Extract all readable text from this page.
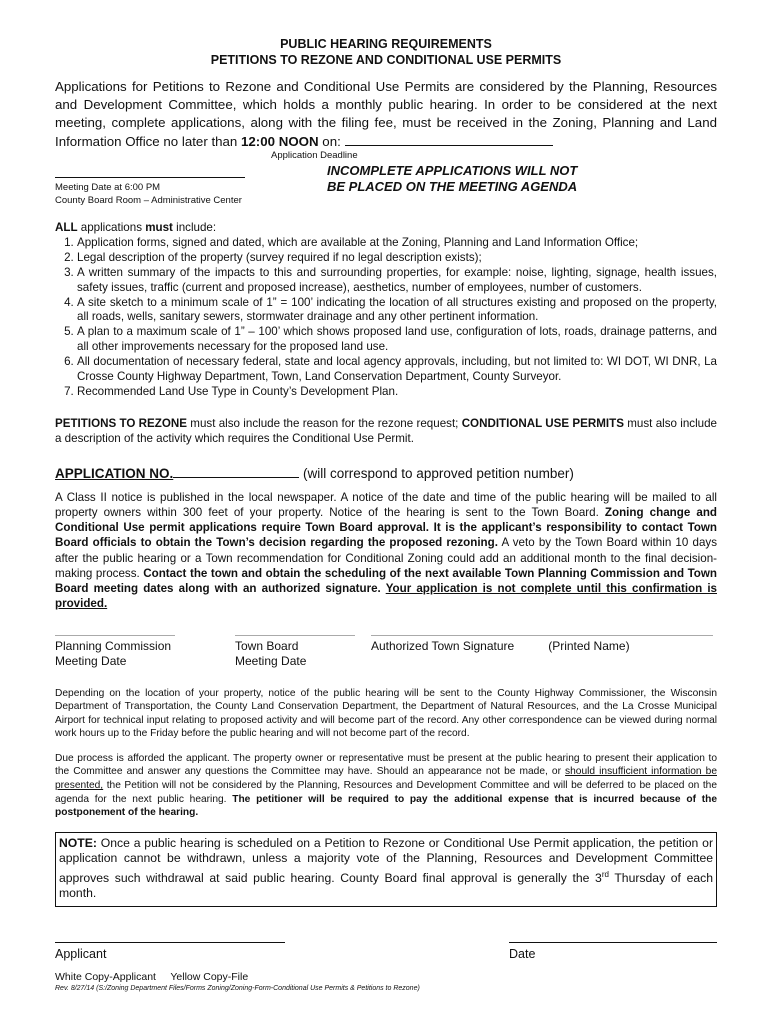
PUBLIC HEARING REQUIREMENTS
PETITIONS TO REZONE AND CONDITIONAL USE PERMITS
Applications for Petitions to Rezone and Conditional Use Permits are considered by the Planning, Resources and Development Committee, which holds a monthly public hearing. In order to be considered at the next meeting, complete applications, along with the filing fee, must be received in the Zoning, Planning and Land Information Office no later than 12:00 NOON on:
Application Deadline
Meeting Date at 6:00 PM
County Board Room – Administrative Center
INCOMPLETE APPLICATIONS WILL NOT
BE PLACED ON THE MEETING AGENDA
ALL applications must include:
1. Application forms, signed and dated, which are available at the Zoning, Planning and Land Information Office;
2. Legal description of the property (survey required if no legal description exists);
3. A written summary of the impacts to this and surrounding properties, for example: noise, lighting, signage, health issues, safety issues, traffic (current and proposed increase), aesthetics, number of employees, number of customers.
4. A site sketch to a minimum scale of 1” = 100’ indicating the location of all structures existing and proposed on the property, all roads, wells, sanitary sewers, stormwater drainage and any other pertinent information.
5. A plan to a maximum scale of 1” – 100’ which shows proposed land use, configuration of lots, roads, drainage patterns, and all other improvements necessary for the proposed land use.
6. All documentation of necessary federal, state and local agency approvals, including, but not limited to: WI DOT, WI DNR, La Crosse County Highway Department, Town, Land Conservation Department, County Surveyor.
7. Recommended Land Use Type in County’s Development Plan.
PETITIONS TO REZONE must also include the reason for the rezone request; CONDITIONAL USE PERMITS must also include a description of the activity which requires the Conditional Use Permit.
APPLICATION NO.	(will correspond to approved petition number)
A Class II notice is published in the local newspaper. A notice of the date and time of the public hearing will be mailed to all property owners within 300 feet of your property. Notice of the hearing is sent to the Town Board. Zoning change and Conditional Use permit applications require Town Board approval. It is the applicant’s responsibility to contact Town Board officials to obtain the Town’s decision regarding the proposed rezoning. A veto by the Town Board within 10 days after the public hearing or a Town recommendation for Conditional Zoning could add an additional month to the final decision-making process. Contact the town and obtain the scheduling of the next available Town Planning Commission and Town Board meeting dates along with an authorized signature. Your application is not complete until this confirmation is provided.
Planning Commission
Meeting Date
Town Board
Meeting Date
Authorized Town Signature	(Printed Name)
Depending on the location of your property, notice of the public hearing will be sent to the County Highway Commissioner, the Wisconsin Department of Transportation, the County Land Conservation Department, the Department of Natural Resources, and the La Crosse Municipal Airport for technical input relating to proposed activity and will become part of the record. Any other correspondence can be viewed during normal work hours up to the Friday before the public hearing and will not become part of the record.
Due process is afforded the applicant. The property owner or representative must be present at the public hearing to present their application to the Committee and answer any questions the Committee may have. Should an appearance not be made, or should insufficient information be presented, the Petition will not be considered by the Planning, Resources and Development Committee and will be deferred to be placed on the agenda for the next public hearing. The petitioner will be required to pay the additional expense that is incurred because of the postponement of the hearing.
NOTE: Once a public hearing is scheduled on a Petition to Rezone or Conditional Use Permit application, the petition or application cannot be withdrawn, unless a majority vote of the Planning, Resources and Development Committee approves such withdrawal at said public hearing. County Board final approval is generally the 3rd Thursday of each month.
Applicant	Date
White Copy-Applicant     Yellow Copy-File
Rev. 8/27/14 (S:/Zoning Department Files/Forms Zoning/Zoning-Form-Conditional Use Permits & Petitions to Rezone)
